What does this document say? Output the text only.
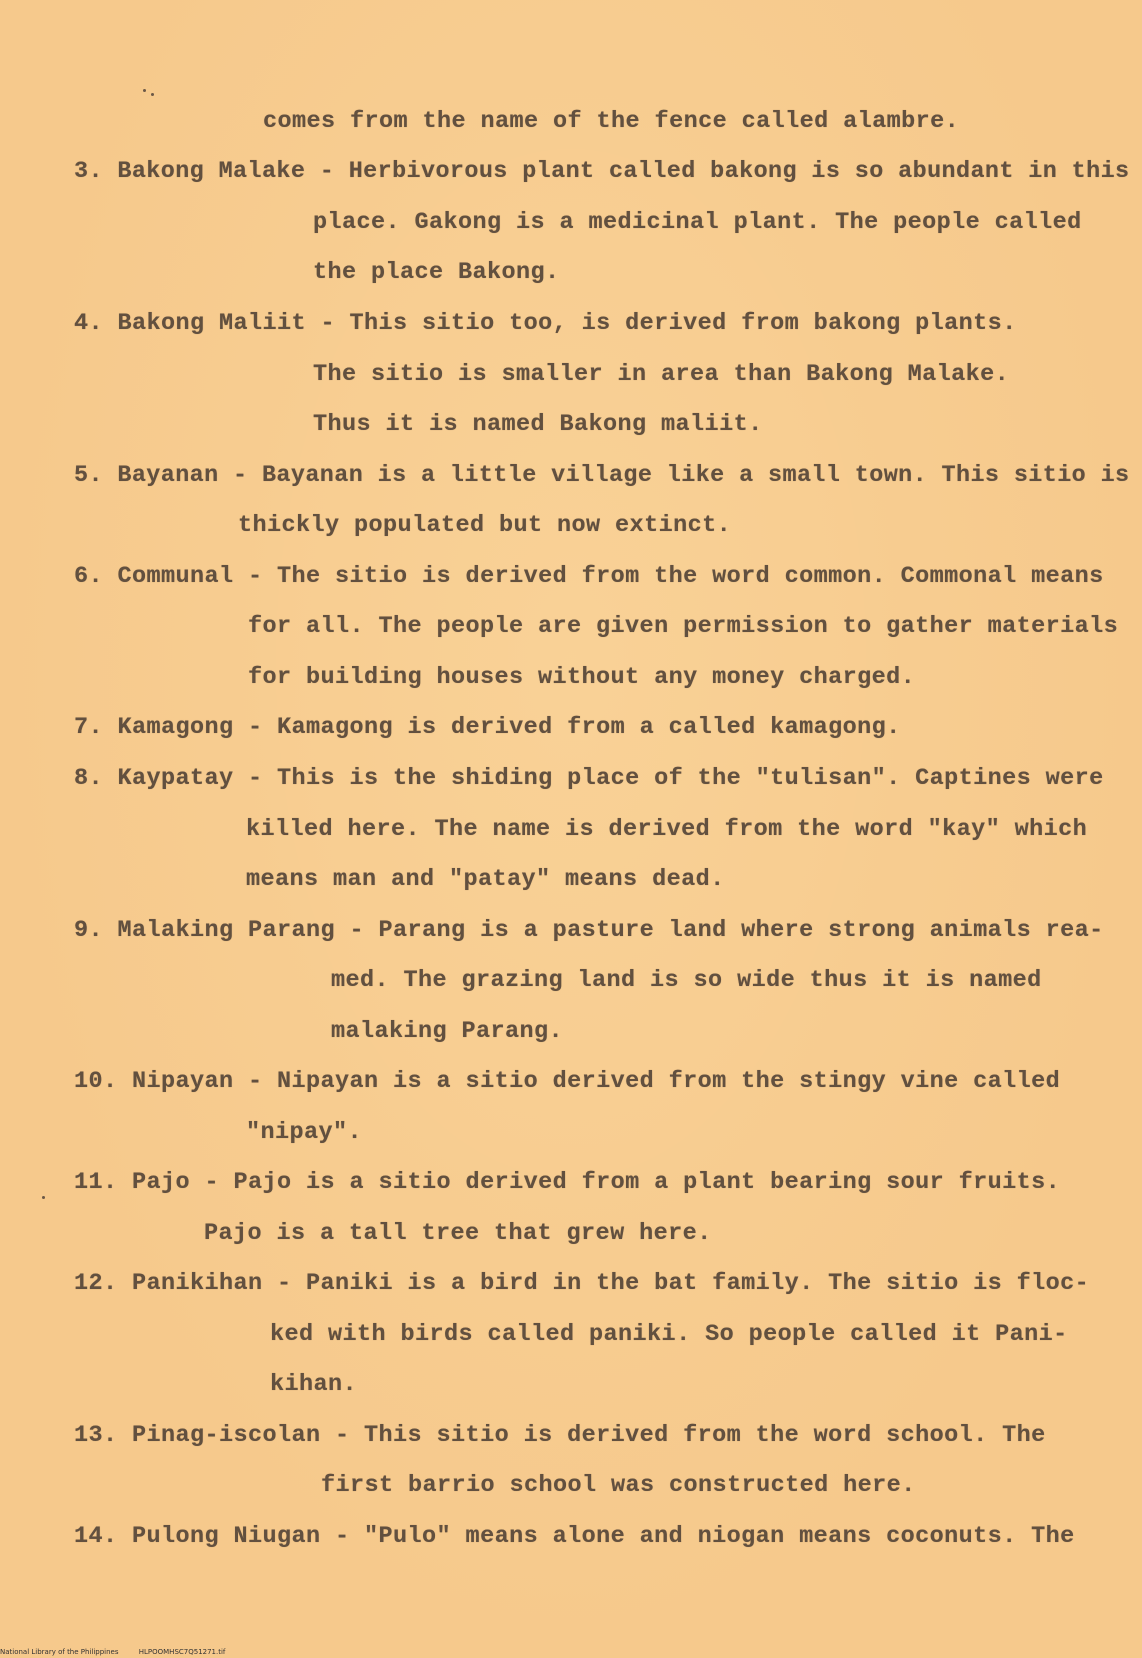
comes from the name of the fence called alambre.
3. Bakong Malake - Herbivorous plant called bakong is so abundant in this
place. Gakong is a medicinal plant. The people called
the place Bakong.
4. Bakong Maliit - This sitio too, is derived from bakong plants.
The sitio is smaller in area than Bakong Malake.
Thus it is named Bakong maliit.
5. Bayanan - Bayanan is a little village like a small town. This sitio is
thickly populated but now extinct.
6. Communal - The sitio is derived from the word common. Commonal means
for all. The people are given permission to gather materials
for building houses without any money charged.
7. Kamagong - Kamagong is derived from a called kamagong.
8. Kaypatay - This is the shiding place of the "tulisan". Captines were
killed here. The name is derived from the word "kay" which
means man and "patay" means dead.
9. Malaking Parang - Parang is a pasture land where strong animals rea-
med. The grazing land is so wide thus it is named
malaking Parang.
10. Nipayan - Nipayan is a sitio derived from the stingy vine called
"nipay".
11. Pajo - Pajo is a sitio derived from a plant bearing sour fruits.
Pajo is a tall tree that grew here.
12. Panikihan - Paniki is a bird in the bat family. The sitio is floc-
ked with birds called paniki. So people called it Pani-
kihan.
13. Pinag-iscolan - This sitio is derived from the word school. The
first barrio school was constructed here.
14. Pulong Niugan - "Pulo" means alone and niogan means coconuts. The
National Library of the Philippines	HLPOOMHSC7Q51271.tif
